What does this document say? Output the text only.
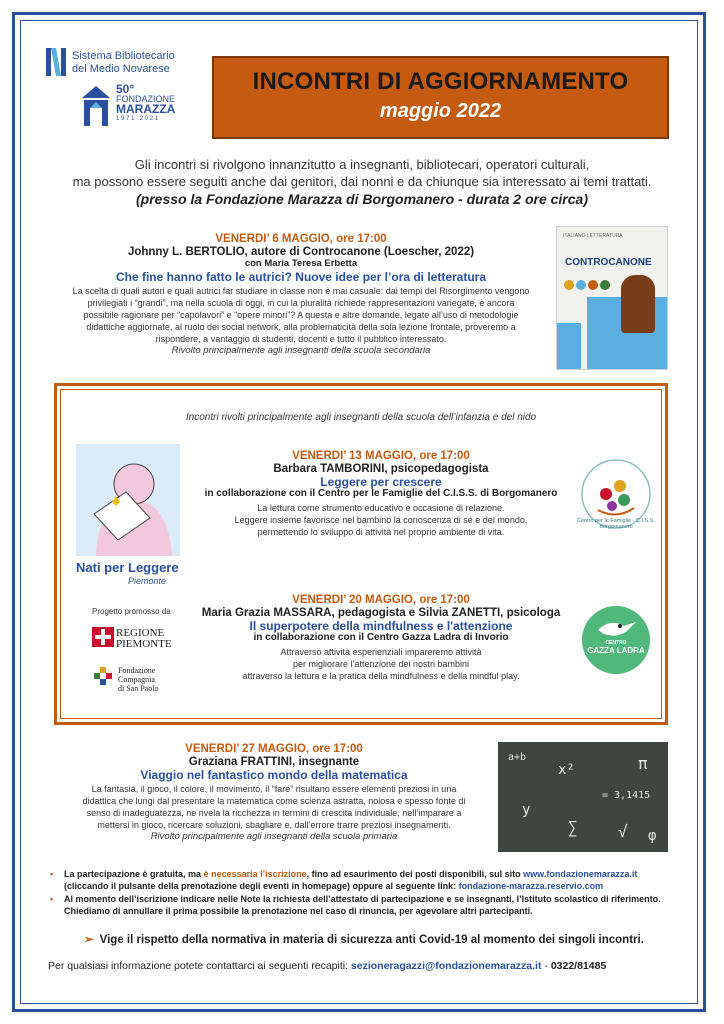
Sistema Bibliotecario
del Medio Novarese
50°
FONDAZIONE
MARAZZA
1 9 7 1 · 2 0 2 1
INCONTRI DI AGGIORNAMENTO
maggio 2022
Gli incontri si rivolgono innanzitutto a insegnanti, bibliotecari, operatori culturali,
ma possono essere seguiti anche dai genitori, dai nonni e da chiunque sia interessato ai temi trattati.
(presso la Fondazione Marazza di Borgomanero - durata 2 ore circa)
VENERDI’ 6 MAGGIO, ore 17:00
Johnny L. BERTOLIO, autore di Controcanone (Loescher, 2022)
con Maria Teresa Erbetta
Che fine hanno fatto le autrici? Nuove idee per l’ora di letteratura
La scelta di quali autori e quali autrici far studiare in classe non è mai casuale: dai tempi del Risorgimento vengono
privilegiati i “grandi”, ma nella scuola di oggi, in cui la pluralità richiede rappresentazioni variegate, è ancora
possibile ragionare per “capolavori” e “opere minori”? A questa e altre domande, legate all’uso di metodologie
didattiche aggiornate, al ruolo dei social network, alla problematicità della sola lezione frontale, proveremo a
rispondere, a vantaggio di studenti, docenti e tutto il pubblico interessato.
Rivolto principalmente agli insegnanti della scuola secondaria
ITALIANO LETTERATURA
CONTROCANONE
Incontri rivolti principalmente agli insegnanti della scuola dell’infanzia e del nido
Nati per Leggere
Piemonte
Progetto promosso da
REGIONE
PIEMONTE
Fondazione
Compagnia
di San Paolo
VENERDI’ 13 MAGGIO, ore 17:00
Barbara TAMBORINI, psicopedagogista
Leggere per crescere
in collaborazione con il Centro per le Famiglie del C.I.S.S. di Borgomanero
La lettura come strumento educativo e occasione di relazione.
Leggere insieme favorisce nel bambino la conoscenza di sé e del mondo,
permettendo lo sviluppo di attività nel proprio ambiente di vita.
Centro per le Famiglie · C.I.S.S. Borgomanero
VENERDI’ 20 MAGGIO, ore 17:00
Maria Grazia MASSARA, pedagogista e Silvia ZANETTI, psicologa
Il superpotere della mindfulness e l'attenzione
in collaborazione con il Centro Gazza Ladra di Invorio
Attraverso attività esperienziali impareremo attività
per migliorare l’attenzione dei nostri bambini
attraverso la lettura e la pratica della mindfulness e della mindful play.
CENTRO
GAZZA LADRA
VENERDI’ 27 MAGGIO, ore 17:00
Graziana FRATTINI, insegnante
Viaggio nel fantastico mondo della matematica
La fantasia, il gioco, il colore, il movimento, il “fare” risultano essere elementi preziosi in una
didattica che lungi dal presentare la matematica come scienza astratta, noiosa e spesso fonte di
senso di inadeguatezza, ne rivela la ricchezza in termini di crescita individuale, nell’imparare a
mettersi in gioco, ricercare soluzioni, sbagliare e, dall’errore trarre preziosi insegnamenti.
Rivolto principalmente agli insegnanti della scuola primaria
a+b
= 3,1415
x²	π
y
∑	√ φ
• La partecipazione è gratuita, ma è necessaria l’iscrizione, fino ad esaurimento dei posti disponibili, sul sito www.fondazionemarazza.it (cliccando il pulsante della prenotazione degli eventi in homepage) oppure al seguente link: fondazione-marazza.reservio.com
• Al momento dell’iscrizione indicare nelle Note la richiesta dell’attestato di partecipazione e se insegnanti, l’Istituto scolastico di riferimento. Chiediamo di annullare il prima possibile la prenotazione nel caso di rinuncia, per agevolare altri partecipanti.
➢ Vige il rispetto della normativa in materia di sicurezza anti Covid-19 al momento dei singoli incontri.
Per qualsiasi informazione potete contattarci ai seguenti recapiti: sezioneragazzi@fondazionemarazza.it - 0322/81485
